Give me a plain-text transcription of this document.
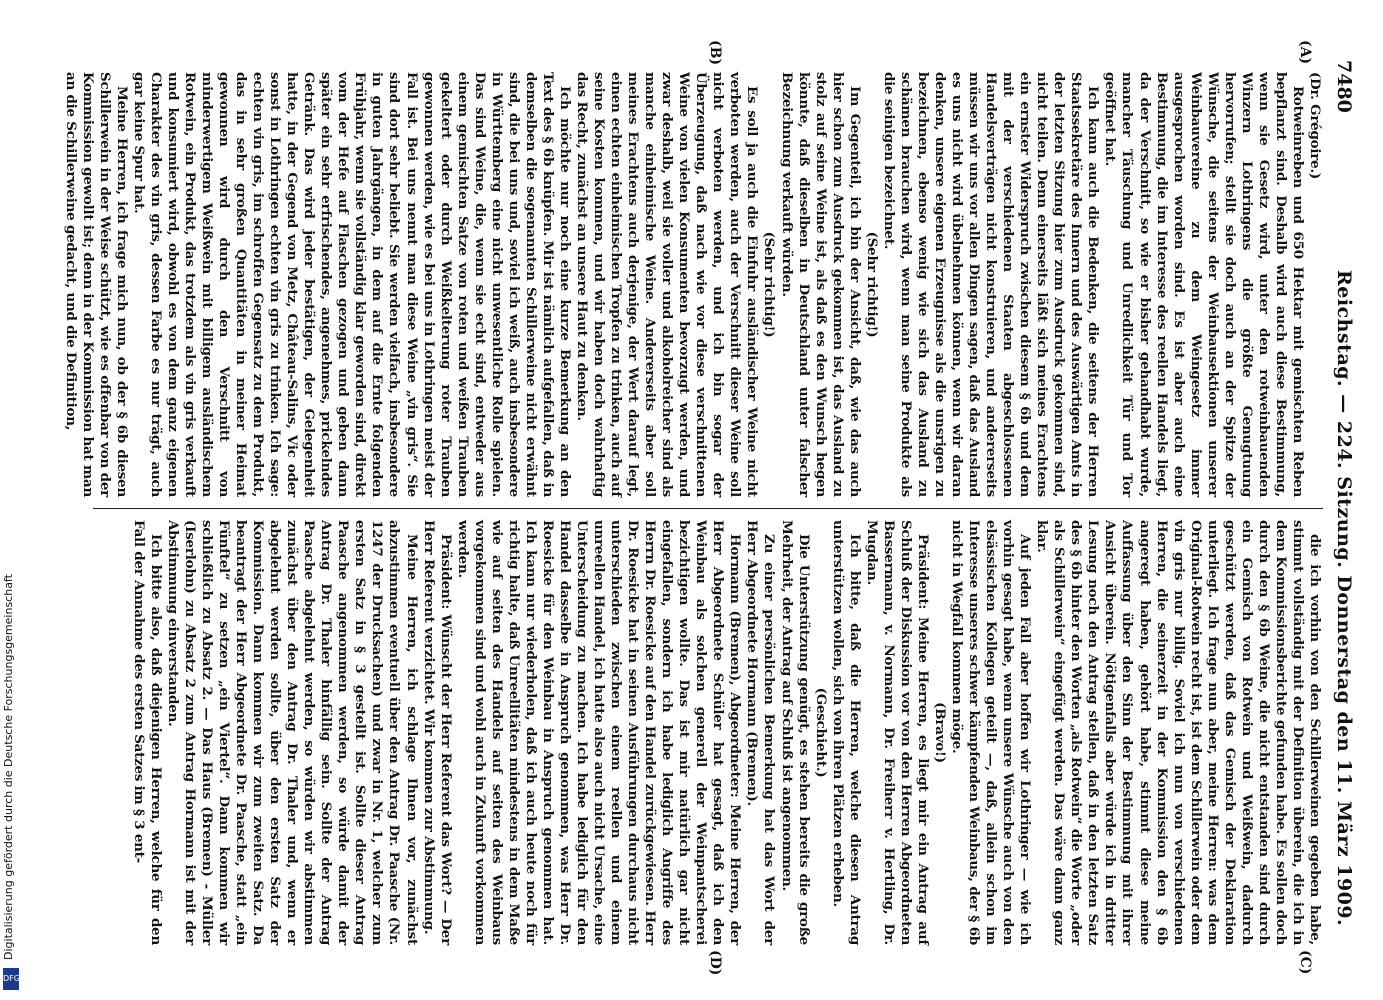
7480
Reichstag. — 224. Sitzung. Donnerstag den 11. März 1909.
(A)
(B)
(C)
(D)

(Dr. Grégoire.)

Rotweinreben und 650 Hektar mit gemischten Reben bepflanzt sind. Deshalb wird auch diese Bestimmung, wenn sie Gesetz wird, unter den rotweinbauenden Winzern Lothringens die größte Genugtuung hervorrufen; stellt sie doch auch an der Spitze der Wünsche, die seitens der Weinbausektionen unserer Weinbauvereine zu dem Weingesetz immer ausgesprochen worden sind. Es ist aber auch eine Bestimmung, die im Interesse des reellen Handels liegt, da der Verschnitt, so wie er bisher gehandhabt wurde, mancher Täuschung und Unredlichkeit Tür und Tor geöffnet hat.

Ich kann auch die Bedenken, die seitens der Herren Staatssekretäre des Innern und des Auswärtigen Amts in der letzten Sitzung hier zum Ausdruck gekommen sind, nicht teilen. Denn einerseits läßt sich meines Erachtens ein ernster Widerspruch zwischen diesem § 6b und dem mit der verschiedenen Staaten abgeschlossenen Handelsverträgen nicht konstruieren, und andererseits müssen wir uns vor allen Dingen sagen, daß das Ausland es uns nicht wird übelnehmen können, wenn wir daran denken, unsere eigenen Erzeugnisse als die unsrigen zu bezeichnen, ebenso wenig wie sich das Ausland zu schämen brauchen wird, wenn man seine Produkte als die seinigen bezeichnet.

(Sehr richtig!)

Im Gegenteil, ich bin der Ansicht, daß, wie das auch hier schon zum Ausdruck gekommen ist, das Ausland zu stolz auf seine Weine ist, als daß es den Wunsch hegen könnte, daß dieselben in Deutschland unter falscher Bezeichnung verkauft würden.

(Sehr richtig!)

Es soll ja auch die Einfuhr ausländischer Weine nicht verboten werden, auch der Verschnitt dieser Weine soll nicht verboten werden, und ich bin sogar der Überzeugung, daß nach wie vor diese verschnittenen Weine von vielen Konsumenten bevorzugt werden, und zwar deshalb, weil sie voller und alkoholreicher sind als manche einheimische Weine. Andererseits aber soll meines Erachtens auch derjenige, der Wert darauf legt, einen echten einheimischen Tropfen zu trinken, auch auf seine Kosten kommen, und wir haben doch wahrhaftig das Recht, zunächst an unsere Haut zu denken.

Ich möchte nur noch eine kurze Bemerkung an den Text des § 6b knüpfen. Mir ist nämlich aufgefallen, daß in demselben die sogenannten Schillerweine nicht erwähnt sind, die bei uns und, soviel ich weiß, auch insbesondere in Württemberg eine nicht unwesentliche Rolle spielen. Das sind Weine, die, wenn sie echt sind, entweder aus einem gemischten Satze von roten und weißen Trauben gekeltert oder durch Weißkelterung roter Trauben gewonnen werden, wie es bei uns in Lothringen meist der Fall ist. Bei uns nennt man diese Weine „vin gris“. Sie sind dort sehr beliebt. Sie werden vielfach, insbesondere in guten Jahrgängen, in dem auf die Ernte folgenden Frühjahr, wenn sie vollständig klar geworden sind, direkt vom der Hefe auf Flaschen gezogen und geben dann später ein sehr erfrischendes, angenehmes, prickelndes Getränk. Das wird jeder bestätigen, der Gelegenheit hatte, in der Gegend von Metz, Château-Salins, Vic oder sonst in Lothringen echten vin gris zu trinken. Ich sage: echten vin gris, im schroffen Gegensatz zu dem Produkt, das in sehr großen Quantitäten in meiner Heimat gewonnen wird durch den Verschnitt von minderwertigem Weißwein mit billigem ausländischem Rotwein, ein Produkt, das trotzdem als vin gris verkauft und konsumiert wird, obwohl es von dem ganz eigenen Charakter des vin gris, dessen Farbe es nur trägt, auch gar keine Spur hat.

Meine Herren, ich frage mich nun, ob der § 6b diesen Schillerwein in der Weise schützt, wie es offenbar von der Kommission gewollt ist; denn in der Kommission hat man an die Schillerweine gedacht, und die Definition,

die ich vorhin von den Schillerweinen gegeben habe, stimmt vollständig mit der Definition überein, die ich in dem Kommissionsberichte gefunden habe. Es sollen doch durch den § 6b Weine, die nicht entstanden sind durch ein Gemisch von Rotwein und Weißwein, dadurch geschützt werden, daß das Gemisch der Deklaration unterliegt. Ich frage nun aber, meine Herren: was dem Original-Rotwein recht ist, ist dem Schillerwein oder dem vin gris nur billig. Soviel ich nun von verschiedenen Herren, die seinerzeit in der Kommission den § 6b angeregt haben, gehört habe, stimmt diese meine Auffassung über den Sinn der Bestimmung mit ihrer Ansicht überein. Nötigenfalls aber würde ich in dritter Lesung noch den Antrag stellen, daß in den letzten Satz des § 6b hinter den Worten „als Rotwein“ die Worte „oder als Schillerwein“ eingefügt werden. Das wäre dann ganz klar.

Auf jeden Fall aber hoffen wir Lothringer — wie ich vorhin gesagt habe, wenn unsere Wünsche auch von den elsässischen Kollegen geteilt —, daß, allein schon im Interesse unseres schwer kämpfenden Weinbaus, der § 6b nicht in Wegfall kommen möge.

(Bravo!)

Präsident: Meine Herren, es liegt mir ein Antrag auf Schluß der Diskussion vor von den Herren Abgeordneten Bassermann, v. Normann, Dr. Freiherr v. Hertling, Dr. Mugdan.

Ich bitte, daß die Herren, welche diesen Antrag unterstützen wollen, sich von ihren Plätzen erheben.

(Geschieht.)

Die Unterstützung genügt, es stehen bereits die große Mehrheit, der Antrag auf Schluß ist angenommen.

Zu einer persönlichen Bemerkung hat das Wort der Herr Abgeordnete Hormann (Bremen).

Hormann (Bremen), Abgeordneter: Meine Herren, der Herr Abgeordnete Schüler hat gesagt, daß ich den Weinbau als solchen generell der Weinpantscherei bezichtigen wollte. Das ist mir natürlich gar nicht eingefallen, sondern ich habe lediglich Angriffe des Herrn Dr. Roesicke auf den Handel zurückgewiesen. Herr Dr. Roesicke hat in seinen Ausführungen durchaus nicht unterschieden zwischen einem reellen und einem unreellen Handel, ich hatte also auch nicht Ursache, eine Unterscheidung zu machen. Ich habe lediglich für den Handel dasselbe in Anspruch genommen, was Herr Dr. Roesicke für den Weinbau in Anspruch genommen hat. Ich kann nur wiederholen, daß ich auch heute noch für richtig halte, daß Unreellitäten mindestens in dem Maße wie auf seiten des Handels auf seiten des Weinbaus vorgekommen sind und wohl auch in Zukunft vorkommen werden.

Präsident: Wünscht der Herr Referent das Wort? — Der Herr Referent verzichtet. Wir kommen zur Abstimmung.

Meine Herren, ich schlage Ihnen vor, zunächst abzustimmen eventuell über den Antrag Dr. Paasche (Nr. 1247 der Drucksachen) und zwar in Nr. 1, welcher zum ersten Satz in § 3 gestellt ist. Sollte dieser Antrag Paasche angenommen werden, so würde damit der Antrag Dr. Thaler hinfällig sein. Sollte der Antrag Paasche abgelehnt werden, so würden wir abstimmen zunächst über den Antrag Dr. Thaler und, wenn er abgelehnt werden sollte, über den ersten Satz der Kommission. Dann kommen wir zum zweiten Satz. Da beantragt der Herr Abgeordnete Dr. Paasche, statt „ein Fünftel“ zu setzen „ein Viertel“. Dann kommen wir schließlich zu Absatz 2. — Das Haus (Bremen) - Müller (Iserlohn) zu Absatz 2 zum Antrag Hormann ist mit der Abstimmung einverstanden.

Ich bitte also, daß diejenigen Herren, welche für den Fall der Annahme des ersten Satzes im § 3 ent-

Digitalisierung gefördert durch die Deutsche Forschungsgemeinschaft
DFG
